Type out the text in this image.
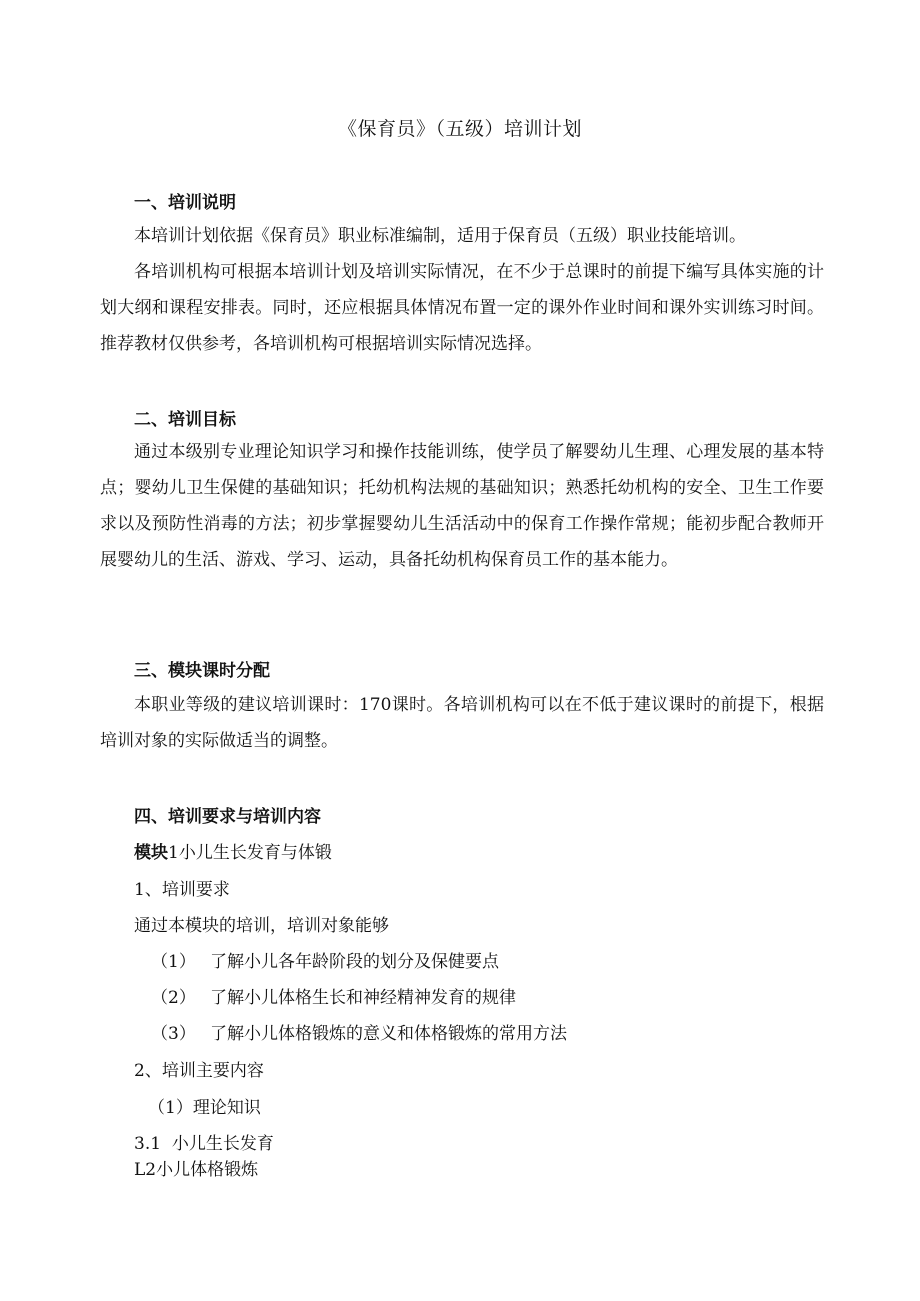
《保育员》（五级）培训计划
一、培训说明
本培训计划依据《保育员》职业标准编制，适用于保育员（五级）职业技能培训。
各培训机构可根据本培训计划及培训实际情况，在不少于总课时的前提下编写具体实施的计划大纲和课程安排表。同时，还应根据具体情况布置一定的课外作业时间和课外实训练习时间。推荐教材仅供参考，各培训机构可根据培训实际情况选择。
二、培训目标
通过本级别专业理论知识学习和操作技能训练，使学员了解婴幼儿生理、心理发展的基本特点；婴幼儿卫生保健的基础知识；托幼机构法规的基础知识；熟悉托幼机构的安全、卫生工作要求以及预防性消毒的方法；初步掌握婴幼儿生活活动中的保育工作操作常规；能初步配合教师开展婴幼儿的生活、游戏、学习、运动，具备托幼机构保育员工作的基本能力。
三、模块课时分配
本职业等级的建议培训课时：170课时。各培训机构可以在不低于建议课时的前提下，根据培训对象的实际做适当的调整。
四、培训要求与培训内容
模块1小儿生长发育与体锻
1、培训要求
通过本模块的培训，培训对象能够
（1） 了解小儿各年龄阶段的划分及保健要点
（2） 了解小儿体格生长和神经精神发育的规律
（3） 了解小儿体格锻炼的意义和体格锻炼的常用方法
2、培训主要内容
（1）理论知识
3.1  小儿生长发育
L2小儿体格锻炼
